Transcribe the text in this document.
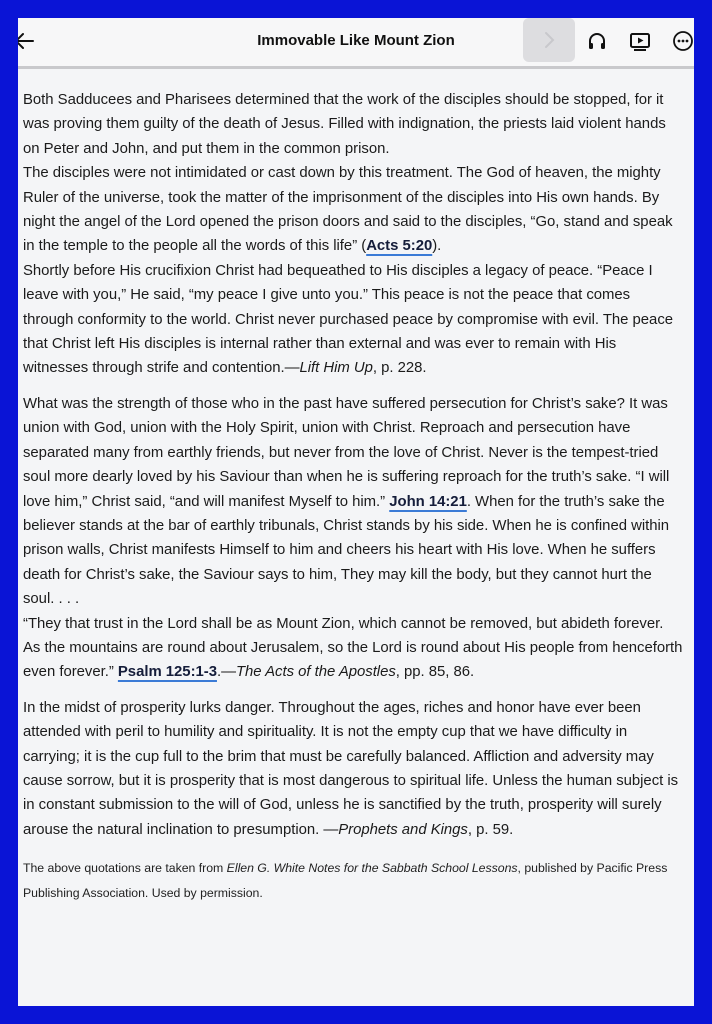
Immovable Like Mount Zion

Both Sadducees and Pharisees determined that the work of the disciples should be stopped, for it was proving them guilty of the death of Jesus. Filled with indignation, the priests laid violent hands on Peter and John, and put them in the common prison.

The disciples were not intimidated or cast down by this treatment. The God of heaven, the mighty Ruler of the universe, took the matter of the imprisonment of the disciples into His own hands. By night the angel of the Lord opened the prison doors and said to the disciples, “Go, stand and speak in the temple to the people all the words of this life” (Acts 5:20).

Shortly before His crucifixion Christ had bequeathed to His disciples a legacy of peace. “Peace I leave with you,” He said, “my peace I give unto you.” This peace is not the peace that comes through conformity to the world. Christ never purchased peace by compromise with evil. The peace that Christ left His disciples is internal rather than external and was ever to remain with His witnesses through strife and contention.—Lift Him Up, p. 228.

What was the strength of those who in the past have suffered persecution for Christ’s sake? It was union with God, union with the Holy Spirit, union with Christ. Reproach and persecution have separated many from earthly friends, but never from the love of Christ. Never is the tempest-tried soul more dearly loved by his Saviour than when he is suffering reproach for the truth’s sake. “I will love him,” Christ said, “and will manifest Myself to him.” John 14:21. When for the truth’s sake the believer stands at the bar of earthly tribunals, Christ stands by his side. When he is confined within prison walls, Christ manifests Himself to him and cheers his heart with His love. When he suffers death for Christ’s sake, the Saviour says to him, They may kill the body, but they cannot hurt the soul. . . .

“They that trust in the Lord shall be as Mount Zion, which cannot be removed, but abideth forever. As the mountains are round about Jerusalem, so the Lord is round about His people from henceforth even forever.” Psalm 125:1-3.—The Acts of the Apostles, pp. 85, 86.

In the midst of prosperity lurks danger. Throughout the ages, riches and honor have ever been attended with peril to humility and spirituality. It is not the empty cup that we have difficulty in carrying; it is the cup full to the brim that must be carefully balanced. Affliction and adversity may cause sorrow, but it is prosperity that is most dangerous to spiritual life. Unless the human subject is in constant submission to the will of God, unless he is sanctified by the truth, prosperity will surely arouse the natural inclination to presumption. —Prophets and Kings, p. 59.

The above quotations are taken from Ellen G. White Notes for the Sabbath School Lessons, published by Pacific Press Publishing Association. Used by permission.
